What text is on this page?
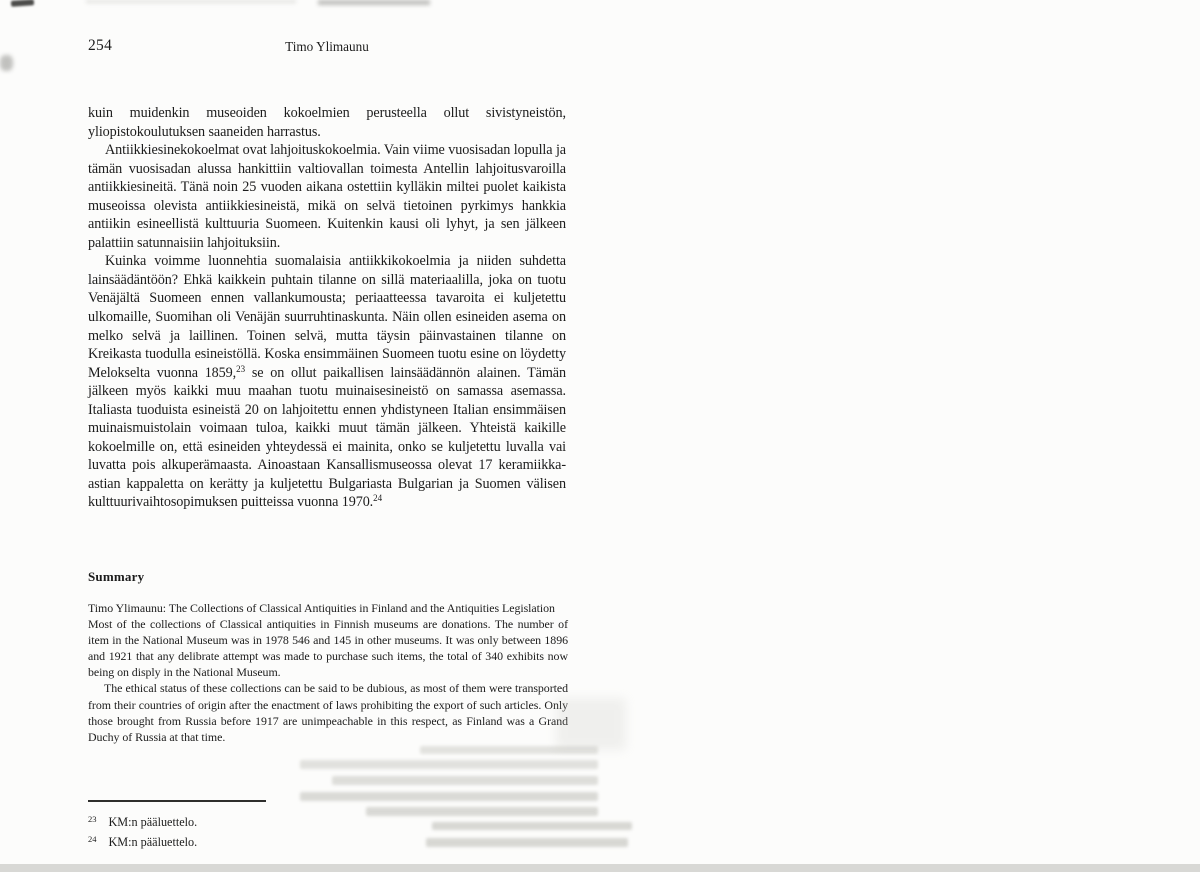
254	Timo Ylimaunu

kuin muidenkin museoiden kokoelmien perusteella ollut sivistyneistön, yliopistokoulutuksen saaneiden harrastus.

Antiikkiesinekokoelmat ovat lahjoituskokoelmia. Vain viime vuosisadan lopulla ja tämän vuosisadan alussa hankittiin valtiovallan toimesta Antellin lahjoitusvaroilla antiikkiesineitä. Tänä noin 25 vuoden aikana ostettiin kylläkin miltei puolet kaikista museoissa olevista antiikkiesineistä, mikä on selvä tietoinen pyrkimys hankkia antiikin esineellistä kulttuuria Suomeen. Kuitenkin kausi oli lyhyt, ja sen jälkeen palattiin satunnaisiin lahjoituksiin.

Kuinka voimme luonnehtia suomalaisia antiikkikokoelmia ja niiden suhdetta lainsäädäntöön? Ehkä kaikkein puhtain tilanne on sillä materiaalilla, joka on tuotu Venäjältä Suomeen ennen vallankumousta; periaatteessa tavaroita ei kuljetettu ulkomaille, Suomihan oli Venäjän suurruhtinaskunta. Näin ollen esineiden asema on melko selvä ja laillinen. Toinen selvä, mutta täysin päinvastainen tilanne on Kreikasta tuodulla esineistöllä. Koska ensimmäinen Suomeen tuotu esine on löydetty Melokselta vuonna 1859,23 se on ollut paikallisen lainsäädännön alainen. Tämän jälkeen myös kaikki muu maahan tuotu muinaisesineistö on samassa asemassa. Italiasta tuoduista esineistä 20 on lahjoitettu ennen yhdistyneen Italian ensimmäisen muinaismuistolain voimaan tuloa, kaikki muut tämän jälkeen. Yhteistä kaikille kokoelmille on, että esineiden yhteydessä ei mainita, onko se kuljetettu luvalla vai luvatta pois alkuperämaasta. Ainoastaan Kansallismuseossa olevat 17 keramiikka-astian kappaletta on kerätty ja kuljetettu Bulgariasta Bulgarian ja Suomen välisen kulttuurivaihtosopimuksen puitteissa vuonna 1970.24

Summary

Timo Ylimaunu: The Collections of Classical Antiquities in Finland and the Antiquities Legislation

Most of the collections of Classical antiquities in Finnish museums are donations. The number of item in the National Museum was in 1978 546 and 145 in other museums. It was only between 1896 and 1921 that any delibrate attempt was made to purchase such items, the total of 340 exhibits now being on disply in the National Museum.

The ethical status of these collections can be said to be dubious, as most of them were transported from their countries of origin after the enactment of laws prohibiting the export of such articles. Only those brought from Russia before 1917 are unimpeachable in this respect, as Finland was a Grand Duchy of Russia at that time.

$^{23}$ KM:n pääluettelo.
$^{24}$ KM:n pääluettelo.
